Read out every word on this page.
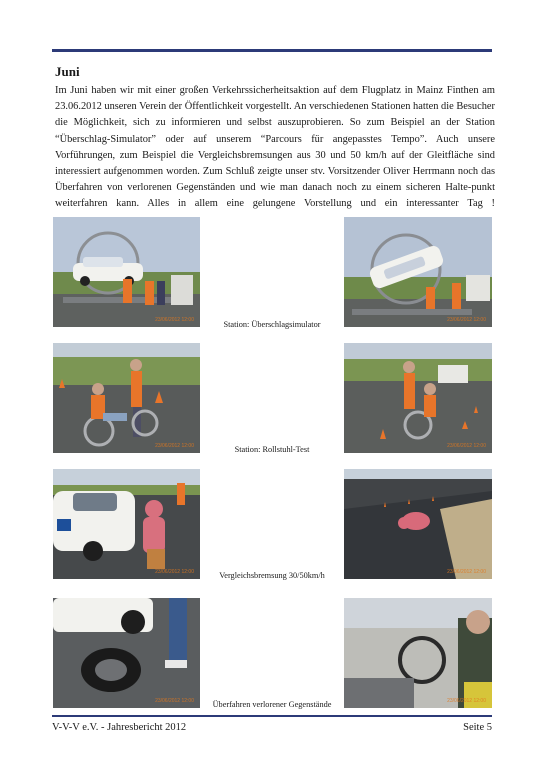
Juni

Im Juni haben wir mit einer großen Verkehrssicherheitsaktion auf dem Flugplatz in Mainz Finthen am 23.06.2012 unseren Verein der Öffentlichkeit vorgestellt. An verschiedenen Stationen hatten die Besucher die Möglichkeit, sich zu informieren und selbst auszuprobieren. So zum Beispiel an der Station “Überschlag-Simulator” oder auf unserem “Parcours für angepasstes Tempo”. Auch unsere Vorführungen, zum Beispiel die Vergleichsbremsungen aus 30 und 50 km/h auf der Gleitfläche sind interessiert aufgenommen worden. Zum Schluß zeigte unser stv. Vorsitzender Oliver Herrmann noch das Überfahren von verlorenen Gegenständen und wie man danach noch zu einem sicheren Halte-punkt weiterfahren kann. Alles in allem eine gelungene Vorstellung und ein interessanter Tag !

23/06/2012 12:00	Station: Überschlagsimulator	23/06/2012 12:00
23/06/2012 12:00	Station: Rollstuhl-Test	23/06/2012 12:00
23/06/2012 12:00	Vergleichsbremsung 30/50km/h	23/06/2012 12:00
23/06/2012 12:00	Überfahren verlorener Gegenstände	23/06/2012 12:00
V-V-V e.V. - Jahresbericht 2012	Seite 5
